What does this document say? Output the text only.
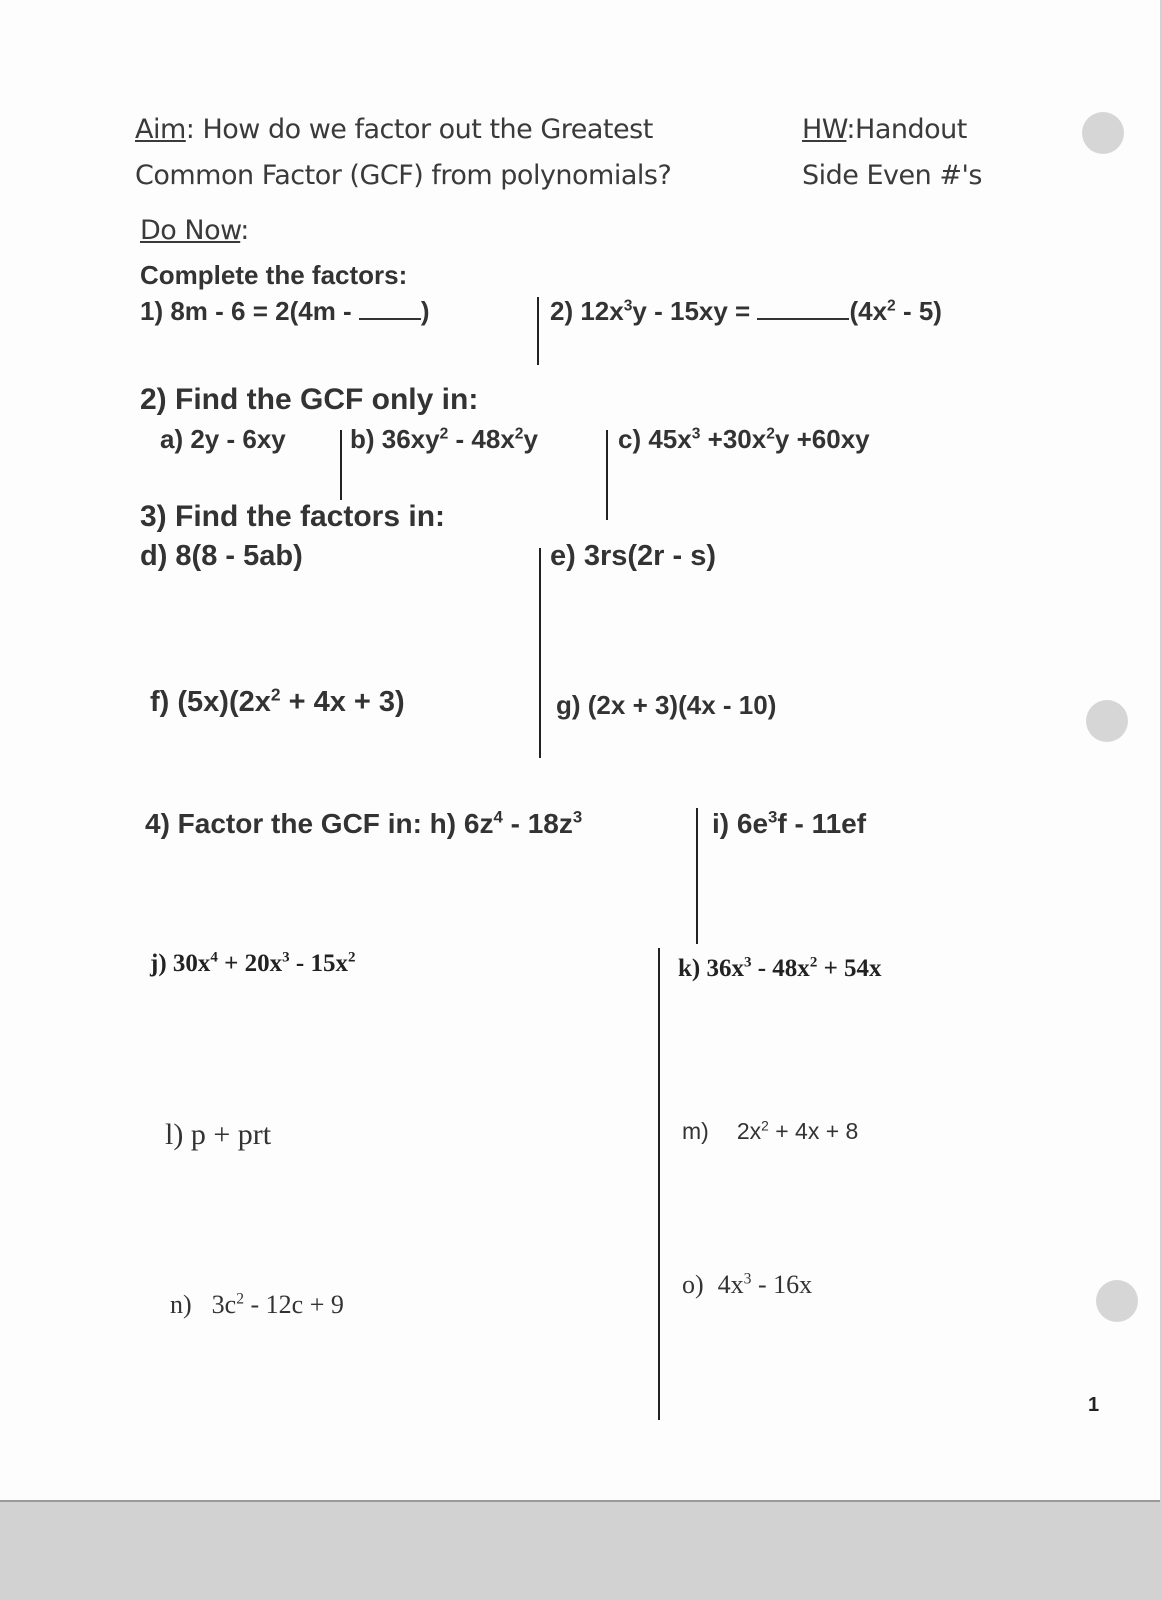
Aim: How do we factor out the Greatest
Common Factor (GCF) from polynomials?
HW:Handout
Side Even #'s
Do Now:
Complete the factors:
1) 8m - 6 = 2(4m - )	2) $12x^3y - 15xy$ =	$(4x^2 - 5)$
2) Find the GCF only in:
a) 2y - 6xy b) $36xy^2 - 48x^2y$	c) $45x^3 +30x^2y +60xy$
3) Find the factors in:
d) 8(8 - 5ab)	e) 3rs(2r - s)
f) $(5x)(2x^2 + 4x + 3)$	g) (2x + 3)(4x - 10)
4) Factor the GCF in: h) $6z^4 - 18z^3$	i) $6e^3f - 11ef$
j) $30x^4 + 20x^3 - 15x^2$	k) $36x^3 - 48x^2 + 54x$
l) p + prt	m) $2x^2 + 4x + 8$
n) $3c^2 - 12c + 9$
o) $4x^3 - 16x$
1
